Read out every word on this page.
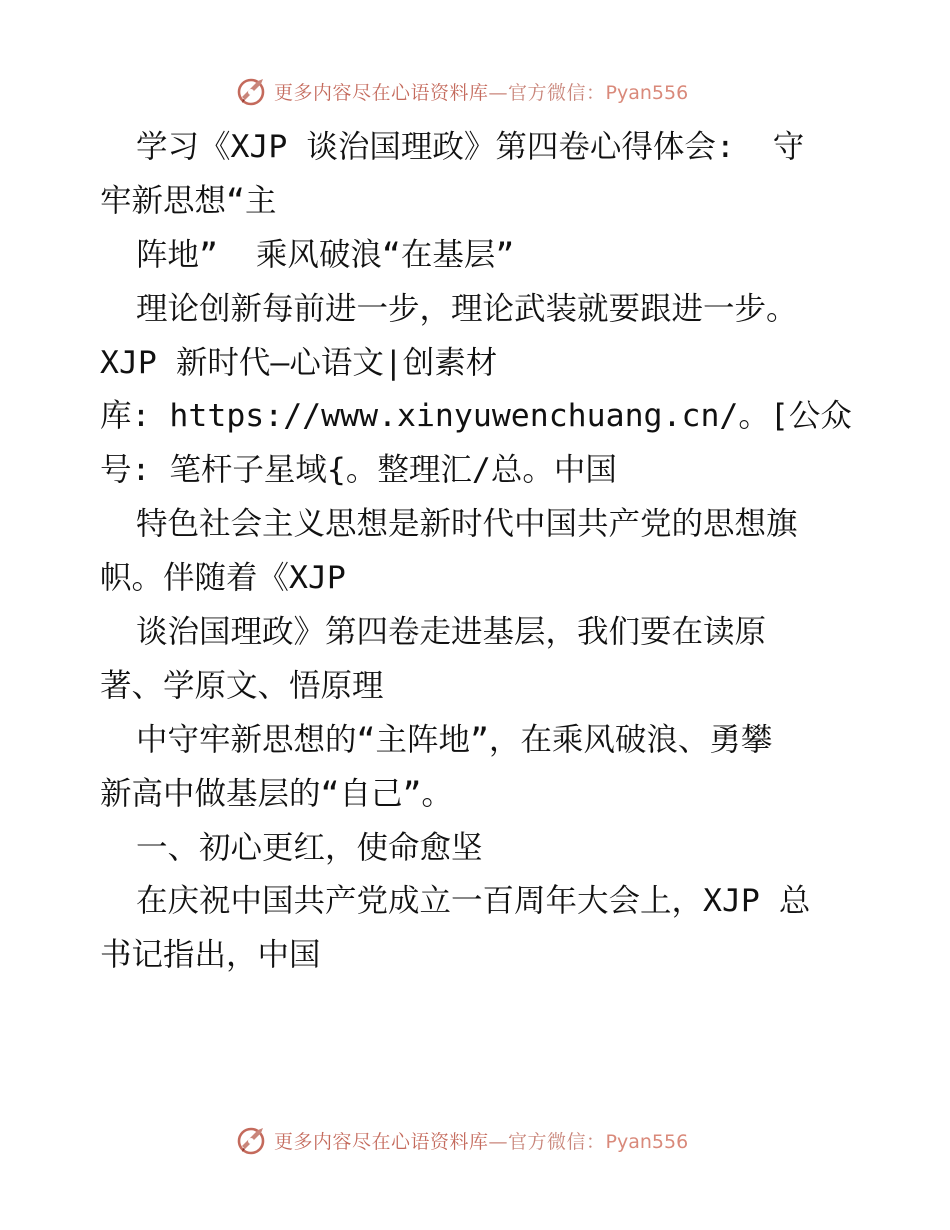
更多内容尽在心语资料库—官方微信：Pyan556
学习《XJP 谈治国理政》第四卷心得体会:  守
牢新思想“主
阵地”  乘风破浪“在基层”
理论创新每前进一步，理论武装就要跟进一步。
XJP 新时代—心语文|创素材
库: https://www.xinyuwenchuang.cn/。[公众
号: 笔杆子星域{。整理汇/总。中国
特色社会主义思想是新时代中国共产党的思想旗
帜。伴随着《XJP
谈治国理政》第四卷走进基层，我们要在读原
著、学原文、悟原理
中守牢新思想的“主阵地”，在乘风破浪、勇攀
新高中做基层的“自己”。
一、初心更红，使命愈坚
在庆祝中国共产党成立一百周年大会上，XJP 总
书记指出，中国
更多内容尽在心语资料库—官方微信：Pyan556
